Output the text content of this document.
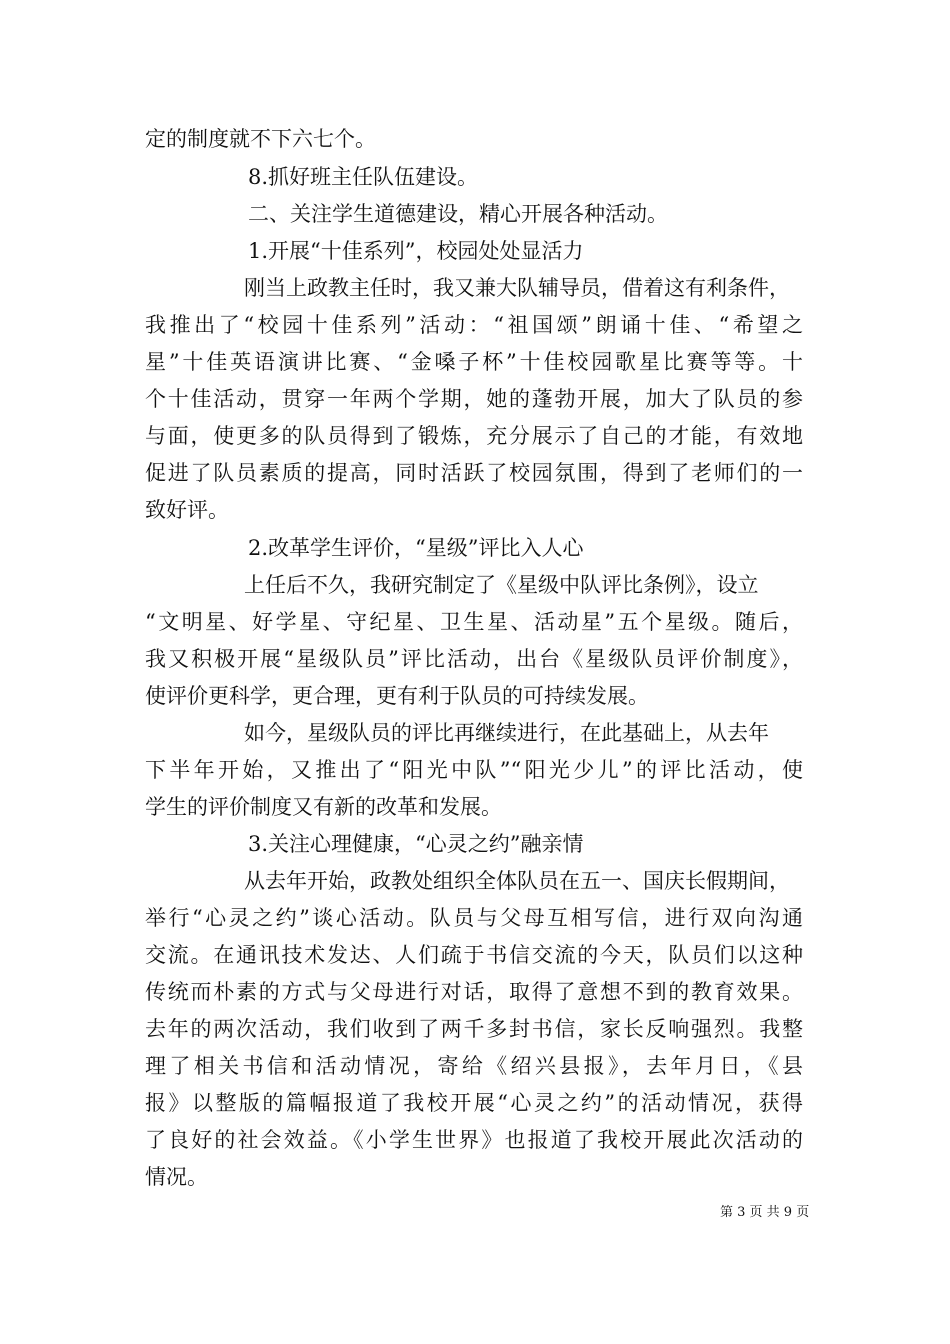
定的制度就不下六七个。
8.抓好班主任队伍建设。
二、关注学生道德建设，精心开展各种活动。
1.开展“十佳系列”，校园处处显活力
刚当上政教主任时，我又兼大队辅导员，借着这有利条件，
我推出了“校园十佳系列”活动：“祖国颂”朗诵十佳、“希望之
星”十佳英语演讲比赛、“金嗓子杯”十佳校园歌星比赛等等。十
个十佳活动，贯穿一年两个学期，她的蓬勃开展，加大了队员的参
与面，使更多的队员得到了锻炼，充分展示了自己的才能，有效地
促进了队员素质的提高，同时活跃了校园氛围，得到了老师们的一
致好评。
2.改革学生评价，“星级”评比入人心
上任后不久，我研究制定了《星级中队评比条例》，设立
“文明星、好学星、守纪星、卫生星、活动星”五个星级。随后，
我又积极开展“星级队员”评比活动，出台《星级队员评价制度》，
使评价更科学，更合理，更有利于队员的可持续发展。
如今，星级队员的评比再继续进行，在此基础上，从去年
下半年开始，又推出了“阳光中队”“阳光少儿”的评比活动，使
学生的评价制度又有新的改革和发展。
3.关注心理健康，“心灵之约”融亲情
从去年开始，政教处组织全体队员在五一、国庆长假期间，
举行“心灵之约”谈心活动。队员与父母互相写信，进行双向沟通
交流。在通讯技术发达、人们疏于书信交流的今天，队员们以这种
传统而朴素的方式与父母进行对话，取得了意想不到的教育效果。
去年的两次活动，我们收到了两千多封书信，家长反响强烈。我整
理了相关书信和活动情况，寄给《绍兴县报》，去年月日，《县
报》以整版的篇幅报道了我校开展“心灵之约”的活动情况，获得
了良好的社会效益。《小学生世界》也报道了我校开展此次活动的
情况。
第 3 页 共 9 页
